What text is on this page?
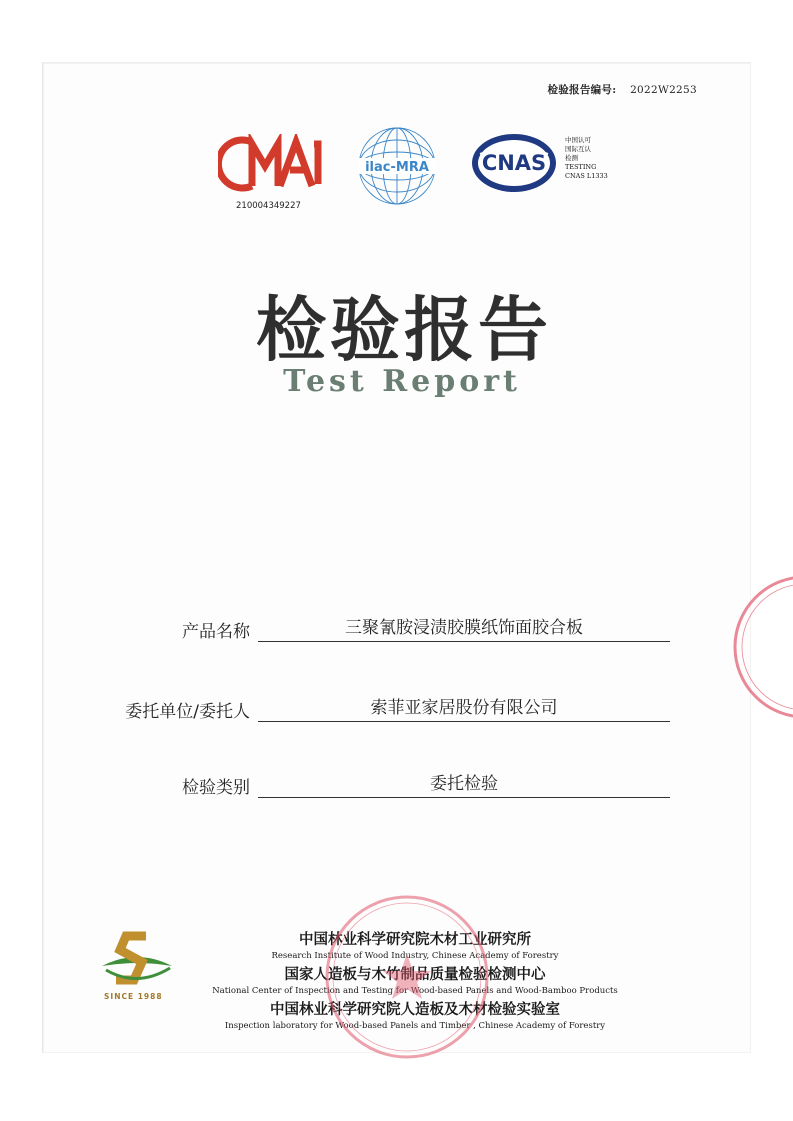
检验报告编号: 2022W2253
210004349227
ilac-MRA	CNAS
中国认可
国际互认
检测
TESTING
CNAS L1333
检验报告
Test Report
产品名称	三聚氰胺浸渍胶膜纸饰面胶合板
委托单位/委托人	索菲亚家居股份有限公司
检验类别	委托检验
SINCE 1988
中国林业科学研究院木材工业研究所
Research Institute of Wood Industry, Chinese Academy of Forestry
国家人造板与木竹制品质量检验检测中心
National Center of Inspection and Testing for Wood-based Panels and Wood-Bamboo Products
中国林业科学研究院人造板及木材检验实验室
Inspection laboratory for Wood-based Panels and Timber , Chinese Academy of Forestry
